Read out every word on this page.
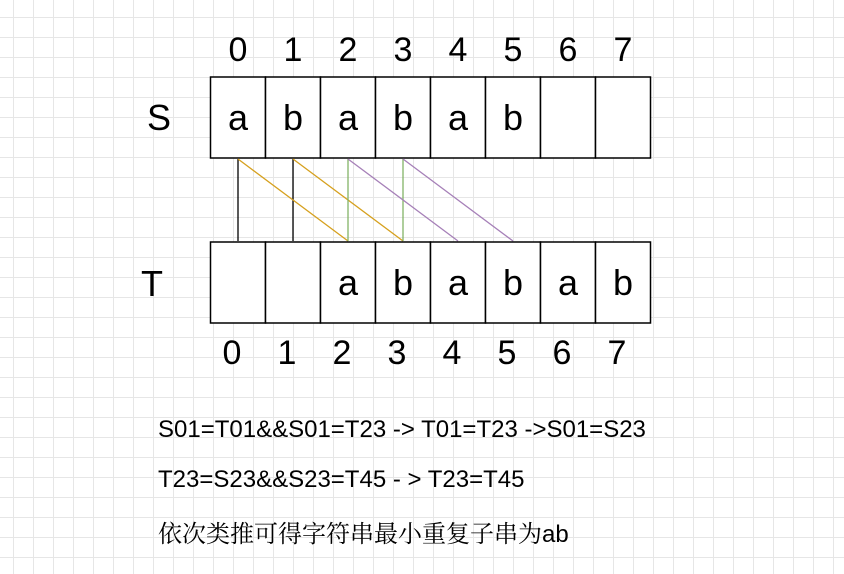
0 1 2 3 4 5 6 7
S a b a b a b
T	a b a b a b
0 1 2 3 4 5 6 7
S01=T01&&S01=T23 -> T01=T23 ->S01=S23
T23=S23&&S23=T45 - > T23=T45
依次类推可得字符串最小重复子串为ab
